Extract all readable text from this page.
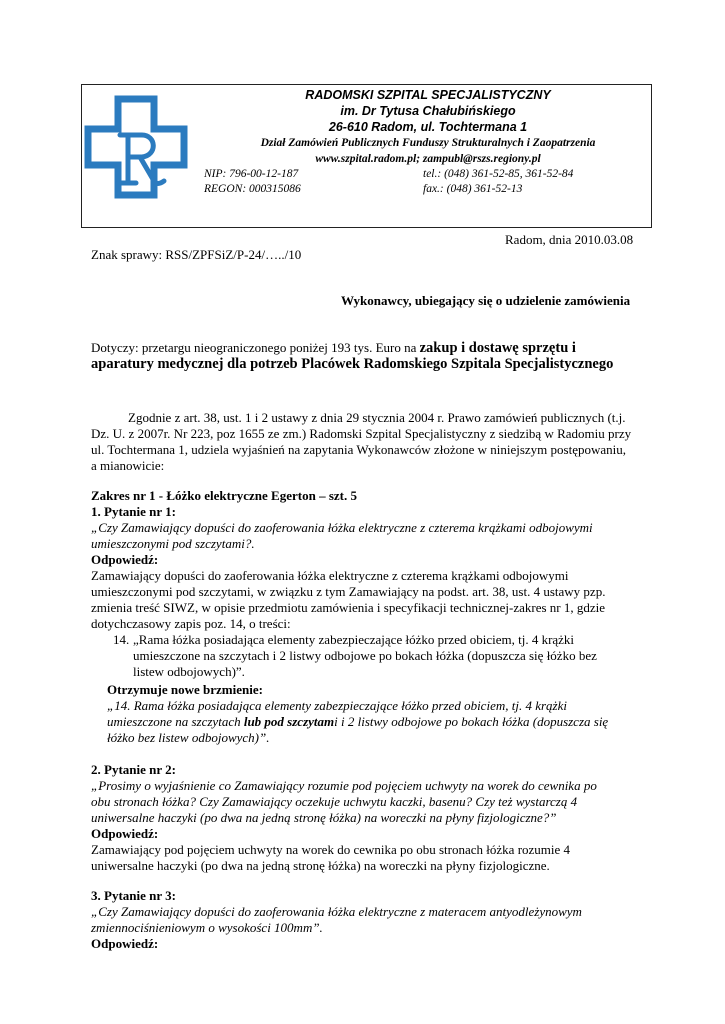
RADOMSKI SZPITAL SPECJALISTYCZNY
im. Dr Tytusa Chałubińskiego
26-610 Radom, ul. Tochtermana 1
Dział Zamówień Publicznych Funduszy Strukturalnych i Zaopatrzenia
www.szpital.radom.pl; zampubl@rszs.regiony.pl
NIP: 796-00-12-187	tel.: (048) 361-52-85, 361-52-84
REGON: 000315086	fax.: (048) 361-52-13
Radom, dnia 2010.03.08
Znak sprawy: RSS/ZPFSiZ/P-24/…../10
Wykonawcy, ubiegający się o udzielenie zamówienia
Dotyczy: przetargu nieograniczonego poniżej 193 tys. Euro na zakup i dostawę sprzętu i
aparatury medycznej dla potrzeb Placówek Radomskiego Szpitala Specjalistycznego
Zgodnie z art. 38, ust. 1 i 2 ustawy z dnia 29 stycznia 2004 r. Prawo zamówień publicznych (t.j.
Dz. U. z 2007r. Nr 223, poz 1655 ze zm.) Radomski Szpital Specjalistyczny z siedzibą w Radomiu przy
ul. Tochtermana 1, udziela wyjaśnień na zapytania Wykonawców złożone w niniejszym postępowaniu,
a mianowicie:
Zakres nr 1 - Łóżko elektryczne Egerton – szt. 5
1. Pytanie nr 1:
„Czy Zamawiający dopuści do zaoferowania łóżka elektryczne z czterema krążkami odbojowymi
umieszczonymi pod szczytami?.
Odpowiedź:
Zamawiający dopuści do zaoferowania łóżka elektryczne z czterema krążkami odbojowymi
umieszczonymi pod szczytami, w związku z tym Zamawiający na podst. art. 38, ust. 4 ustawy pzp.
zmienia treść SIWZ, w opisie przedmiotu zamówienia i specyfikacji technicznej-zakres nr 1, gdzie
dotychczasowy zapis poz. 14, o treści:
14. „Rama łóżka posiadająca elementy zabezpieczające łóżko przed obiciem, tj. 4 krążki
umieszczone na szczytach i 2 listwy odbojowe po bokach łóżka (dopuszcza się łóżko bez
listew odbojowych)”.
Otrzymuje nowe brzmienie:
„14. Rama łóżka posiadająca elementy zabezpieczające łóżko przed obiciem, tj. 4 krążki
umieszczone na szczytach lub pod szczytami i 2 listwy odbojowe po bokach łóżka (dopuszcza się
łóżko bez listew odbojowych)”.
2. Pytanie nr 2:
„Prosimy o wyjaśnienie co Zamawiający rozumie pod pojęciem uchwyty na worek do cewnika po
obu stronach łóżka? Czy Zamawiający oczekuje uchwytu kaczki, basenu? Czy też wystarczą 4
uniwersalne haczyki (po dwa na jedną stronę łóżka) na woreczki na płyny fizjologiczne?”
Odpowiedź:
Zamawiający pod pojęciem uchwyty na worek do cewnika po obu stronach łóżka rozumie 4
uniwersalne haczyki (po dwa na jedną stronę łóżka) na woreczki na płyny fizjologiczne.
3. Pytanie nr 3:
„Czy Zamawiający dopuści do zaoferowania łóżka elektryczne z materacem antyodleżynowym
zmiennociśnieniowym o wysokości 100mm”.
Odpowiedź:
